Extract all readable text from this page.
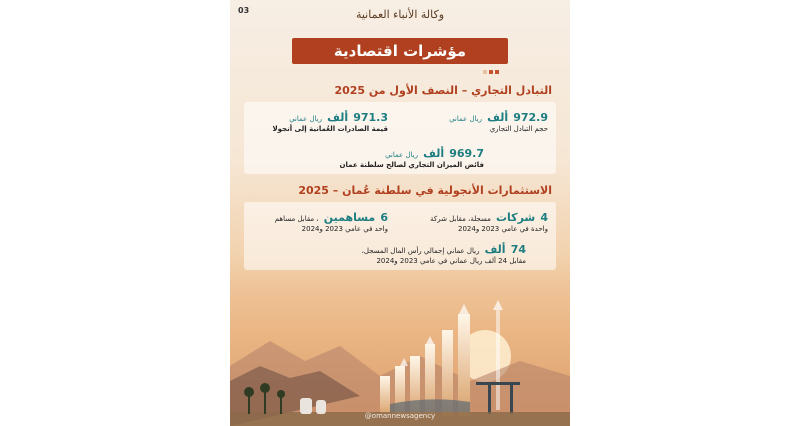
03	وكالة الأنباء العمانية
مؤشرات اقتصادية
التبادل التجاري – النصف الأول من 2025
972.9 ألف ريال عماني
حجم التبادل التجاري
971.3 ألف ريال عماني
قيمة الصادرات العُمانية إلى أنجولا
969.7 ألف ريال عماني
فائض الميزان التجاري لصالح سلطنة عمان
الاستثمارات الأنجولية في سلطنة عُمان – 2025
4 شركات مسجلة، مقابل شركة
واحدة في عامي 2023 و2024
6 مساهمين ، مقابل مساهم
واحد في عامي 2023 و2024
74 ألف ريال عماني إجمالي رأس المال المسجل،
مقابل 24 ألف ريال عماني في عامي 2023 و2024
@omannewsagency
